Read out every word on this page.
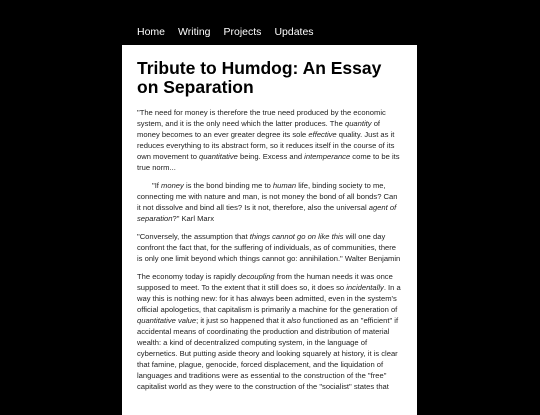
Home Writing Projects Updates
Tribute to Humdog: An Essay on Separation

"The need for money is therefore the true need produced by the economic system, and it is the only need which the latter produces. The quantity of money becomes to an ever greater degree its sole effective quality. Just as it reduces everything to its abstract form, so it reduces itself in the course of its own movement to quantitative being. Excess and intemperance come to be its true norm...

"If money is the bond binding me to human life, binding society to me, connecting me with nature and man, is not money the bond of all bonds? Can it not dissolve and bind all ties? Is it not, therefore, also the universal agent of separation?" Karl Marx

"Conversely, the assumption that things cannot go on like this will one day confront the fact that, for the suffering of individuals, as of communities, there is only one limit beyond which things cannot go: annihilation." Walter Benjamin

The economy today is rapidly decoupling from the human needs it was once supposed to meet. To the extent that it still does so, it does so incidentally. In a way this is nothing new: for it has always been admitted, even in the system's official apologetics, that capitalism is primarily a machine for the generation of quantitative value; it just so happened that it also functioned as an "efficient" if accidental means of coordinating the production and distribution of material wealth: a kind of decentralized computing system, in the language of cybernetics. But putting aside theory and looking squarely at history, it is clear that famine, plague, genocide, forced displacement, and the liquidation of languages and traditions were as essential to the construction of the "free" capitalist world as they were to the construction of the "socialist" states that
